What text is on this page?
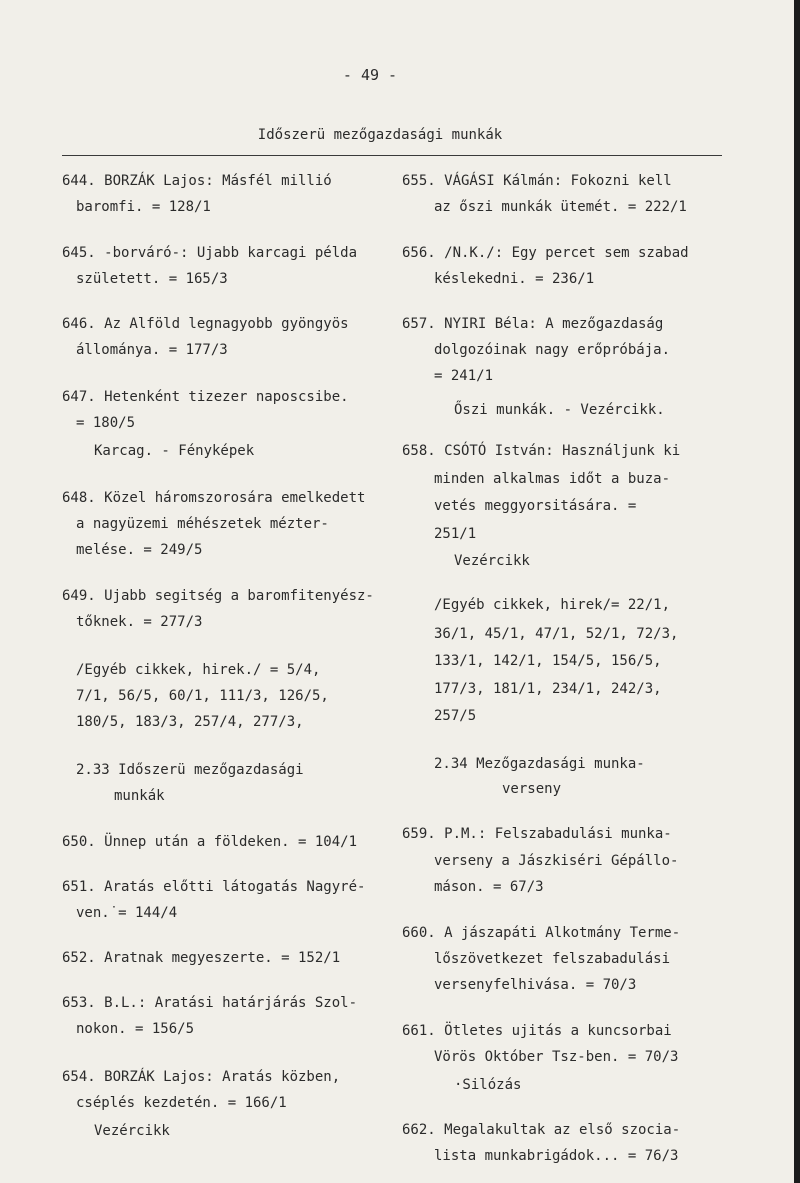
- 49 -
Időszerü mezőgazdasági munkák
644. BORZÁK Lajos: Másfél millió
baromfi. = 128/1
645. -borváró-: Ujabb karcagi példa
született. = 165/3
646. Az Alföld legnagyobb gyöngyös
állománya. = 177/3
647. Hetenként tizezer naposcsibe.
= 180/5
Karcag. - Fényképek
648. Közel háromszorosára emelkedett
a nagyüzemi méhészetek mézter-
melése. = 249/5
649. Ujabb segitség a baromfitenyész-
tőknek. = 277/3
/Egyéb cikkek, hirek./ = 5/4,
7/1, 56/5, 60/1, 111/3, 126/5,
180/5, 183/3, 257/4, 277/3,
2.33 Időszerü mezőgazdasági
munkák
650. Ünnep után a földeken. = 104/1
651. Aratás előtti látogatás Nagyré-
ven.˙= 144/4
652. Aratnak megyeszerte. = 152/1
653. B.L.: Aratási határjárás Szol-
nokon. = 156/5
654. BORZÁK Lajos: Aratás közben,
cséplés kezdetén. = 166/1
Vezércikk
655. VÁGÁSI Kálmán: Fokozni kell
az őszi munkák ütemét. = 222/1
656. /N.K./: Egy percet sem szabad
késlekedni. = 236/1
657. NYIRI Béla: A mezőgazdaság
dolgozóinak nagy erőpróbája.
= 241/1
Őszi munkák. - Vezércikk.
658. CSÓTÓ István: Használjunk ki
minden alkalmas időt a buza-
vetés meggyorsitására. =
251/1
Vezércikk
/Egyéb cikkek, hirek/= 22/1,
36/1, 45/1, 47/1, 52/1, 72/3,
133/1, 142/1, 154/5, 156/5,
177/3, 181/1, 234/1, 242/3,
257/5
2.34 Mezőgazdasági munka-
verseny
659. P.M.: Felszabadulási munka-
verseny a Jászkiséri Gépállo-
máson. = 67/3
660. A jászapáti Alkotmány Terme-
lőszövetkezet felszabadulási
versenyfelhivása. = 70/3
661. Ötletes ujitás a kuncsorbai
Vörös Október Tsz-ben. = 70/3
·Silózás
662. Megalakultak az első szocia-
lista munkabrigádok... = 76/3
